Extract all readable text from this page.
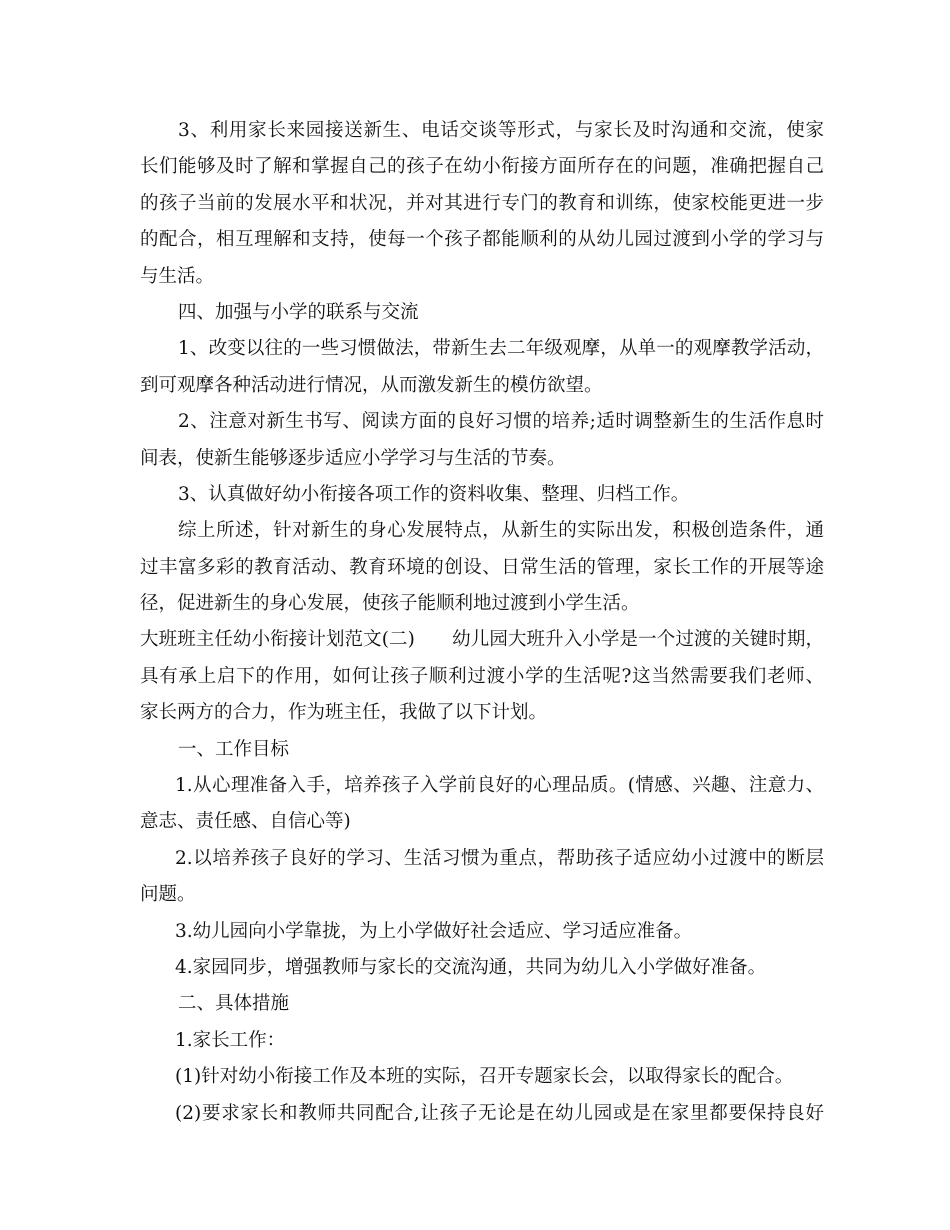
3、利用家长来园接送新生、电话交谈等形式，与家长及时沟通和交流，使家
长们能够及时了解和掌握自己的孩子在幼小衔接方面所存在的问题，准确把握自己
的孩子当前的发展水平和状况，并对其进行专门的教育和训练，使家校能更进一步
的配合，相互理解和支持，使每一个孩子都能顺利的从幼儿园过渡到小学的学习与
与生活。
四、加强与小学的联系与交流
1、改变以往的一些习惯做法，带新生去二年级观摩，从单一的观摩教学活动，
到可观摩各种活动进行情况，从而激发新生的模仿欲望。
2、注意对新生书写、阅读方面的良好习惯的培养;适时调整新生的生活作息时
间表，使新生能够逐步适应小学学习与生活的节奏。
3、认真做好幼小衔接各项工作的资料收集、整理、归档工作。
综上所述，针对新生的身心发展特点，从新生的实际出发，积极创造条件，通
过丰富多彩的教育活动、教育环境的创设、日常生活的管理，家长工作的开展等途
径，促进新生的身心发展，使孩子能顺利地过渡到小学生活。
大班班主任幼小衔接计划范文(二)　　幼儿园大班升入小学是一个过渡的关键时期，
具有承上启下的作用，如何让孩子顺利过渡小学的生活呢?这当然需要我们老师、
家长两方的合力，作为班主任，我做了以下计划。
一、工作目标
1.从心理准备入手，培养孩子入学前良好的心理品质。(情感、兴趣、注意力、
意志、责任感、自信心等)
2.以培养孩子良好的学习、生活习惯为重点，帮助孩子适应幼小过渡中的断层
问题。
3.幼儿园向小学靠拢，为上小学做好社会适应、学习适应准备。
4.家园同步，增强教师与家长的交流沟通，共同为幼儿入小学做好准备。
二、具体措施
1.家长工作：
(1)针对幼小衔接工作及本班的实际，召开专题家长会，以取得家长的配合。
(2)要求家长和教师共同配合,让孩子无论是在幼儿园或是在家里都要保持良好
